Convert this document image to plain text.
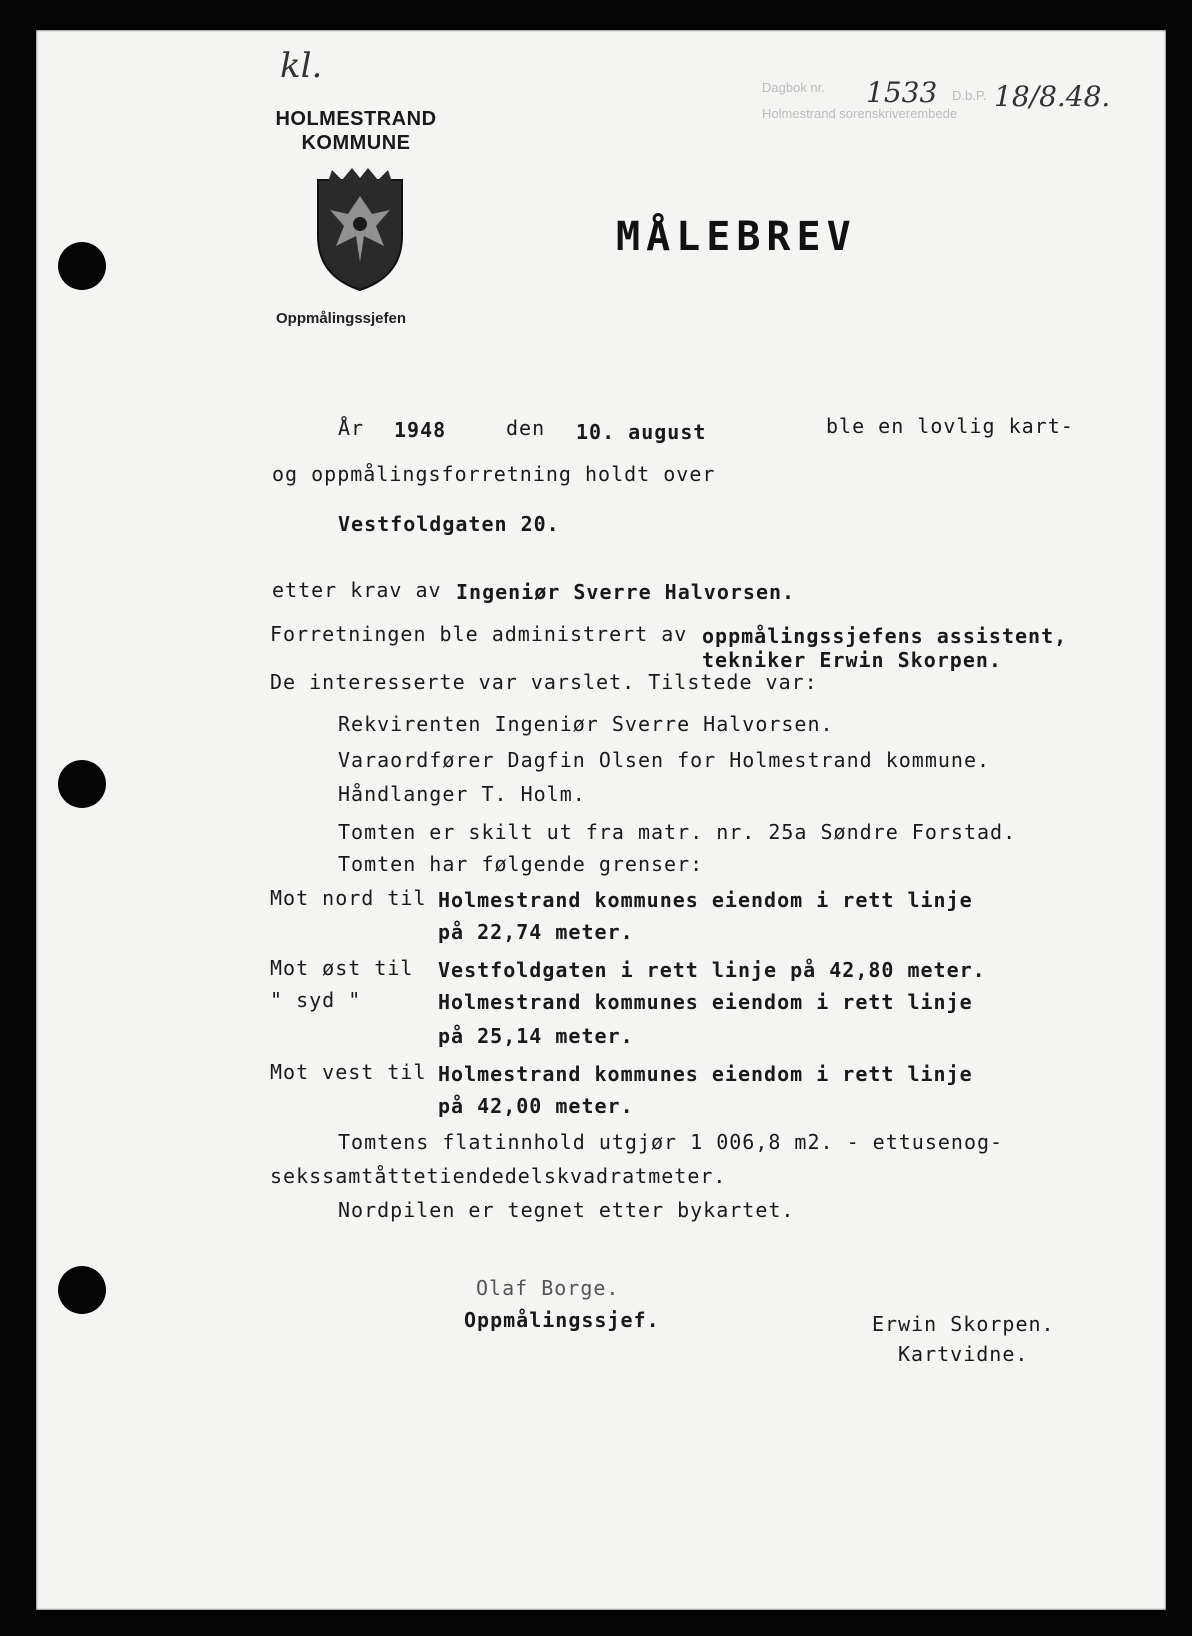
kl.
HOLMESTRAND
KOMMUNE
Oppmålingssjefen
Dagbok nr. 1533 D.b.P. 18/8.48.
Holmestrand sorenskriverembede
MÅLEBREV
År 1948	den 10. august	ble en lovlig kart-
og oppmålingsforretning holdt over
Vestfoldgaten 20.
etter krav av Ingeniør Sverre Halvorsen.
Forretningen ble administrert av oppmålingssjefens assistent,
tekniker Erwin Skorpen.
De interesserte var varslet. Tilstede var:
Rekvirenten Ingeniør Sverre Halvorsen.
Varaordfører Dagfin Olsen for Holmestrand kommune.
Håndlanger T. Holm.
Tomten er skilt ut fra matr. nr. 25a Søndre Forstad.
Tomten har følgende grenser:
Mot nord til Holmestrand kommunes eiendom i rett linje
på 22,74 meter.
Mot øst til Vestfoldgaten i rett linje på 42,80 meter.
" syd "	Holmestrand kommunes eiendom i rett linje
på 25,14 meter.
Mot vest til Holmestrand kommunes eiendom i rett linje
på 42,00 meter.
Tomtens flatinnhold utgjør 1 006,8 m2. - ettusenog-
sekssamtåttetiendedelskvadratmeter.
Nordpilen er tegnet etter bykartet.
Olaf Borge.
Oppmålingssjef.	Erwin Skorpen.
Kartvidne.
